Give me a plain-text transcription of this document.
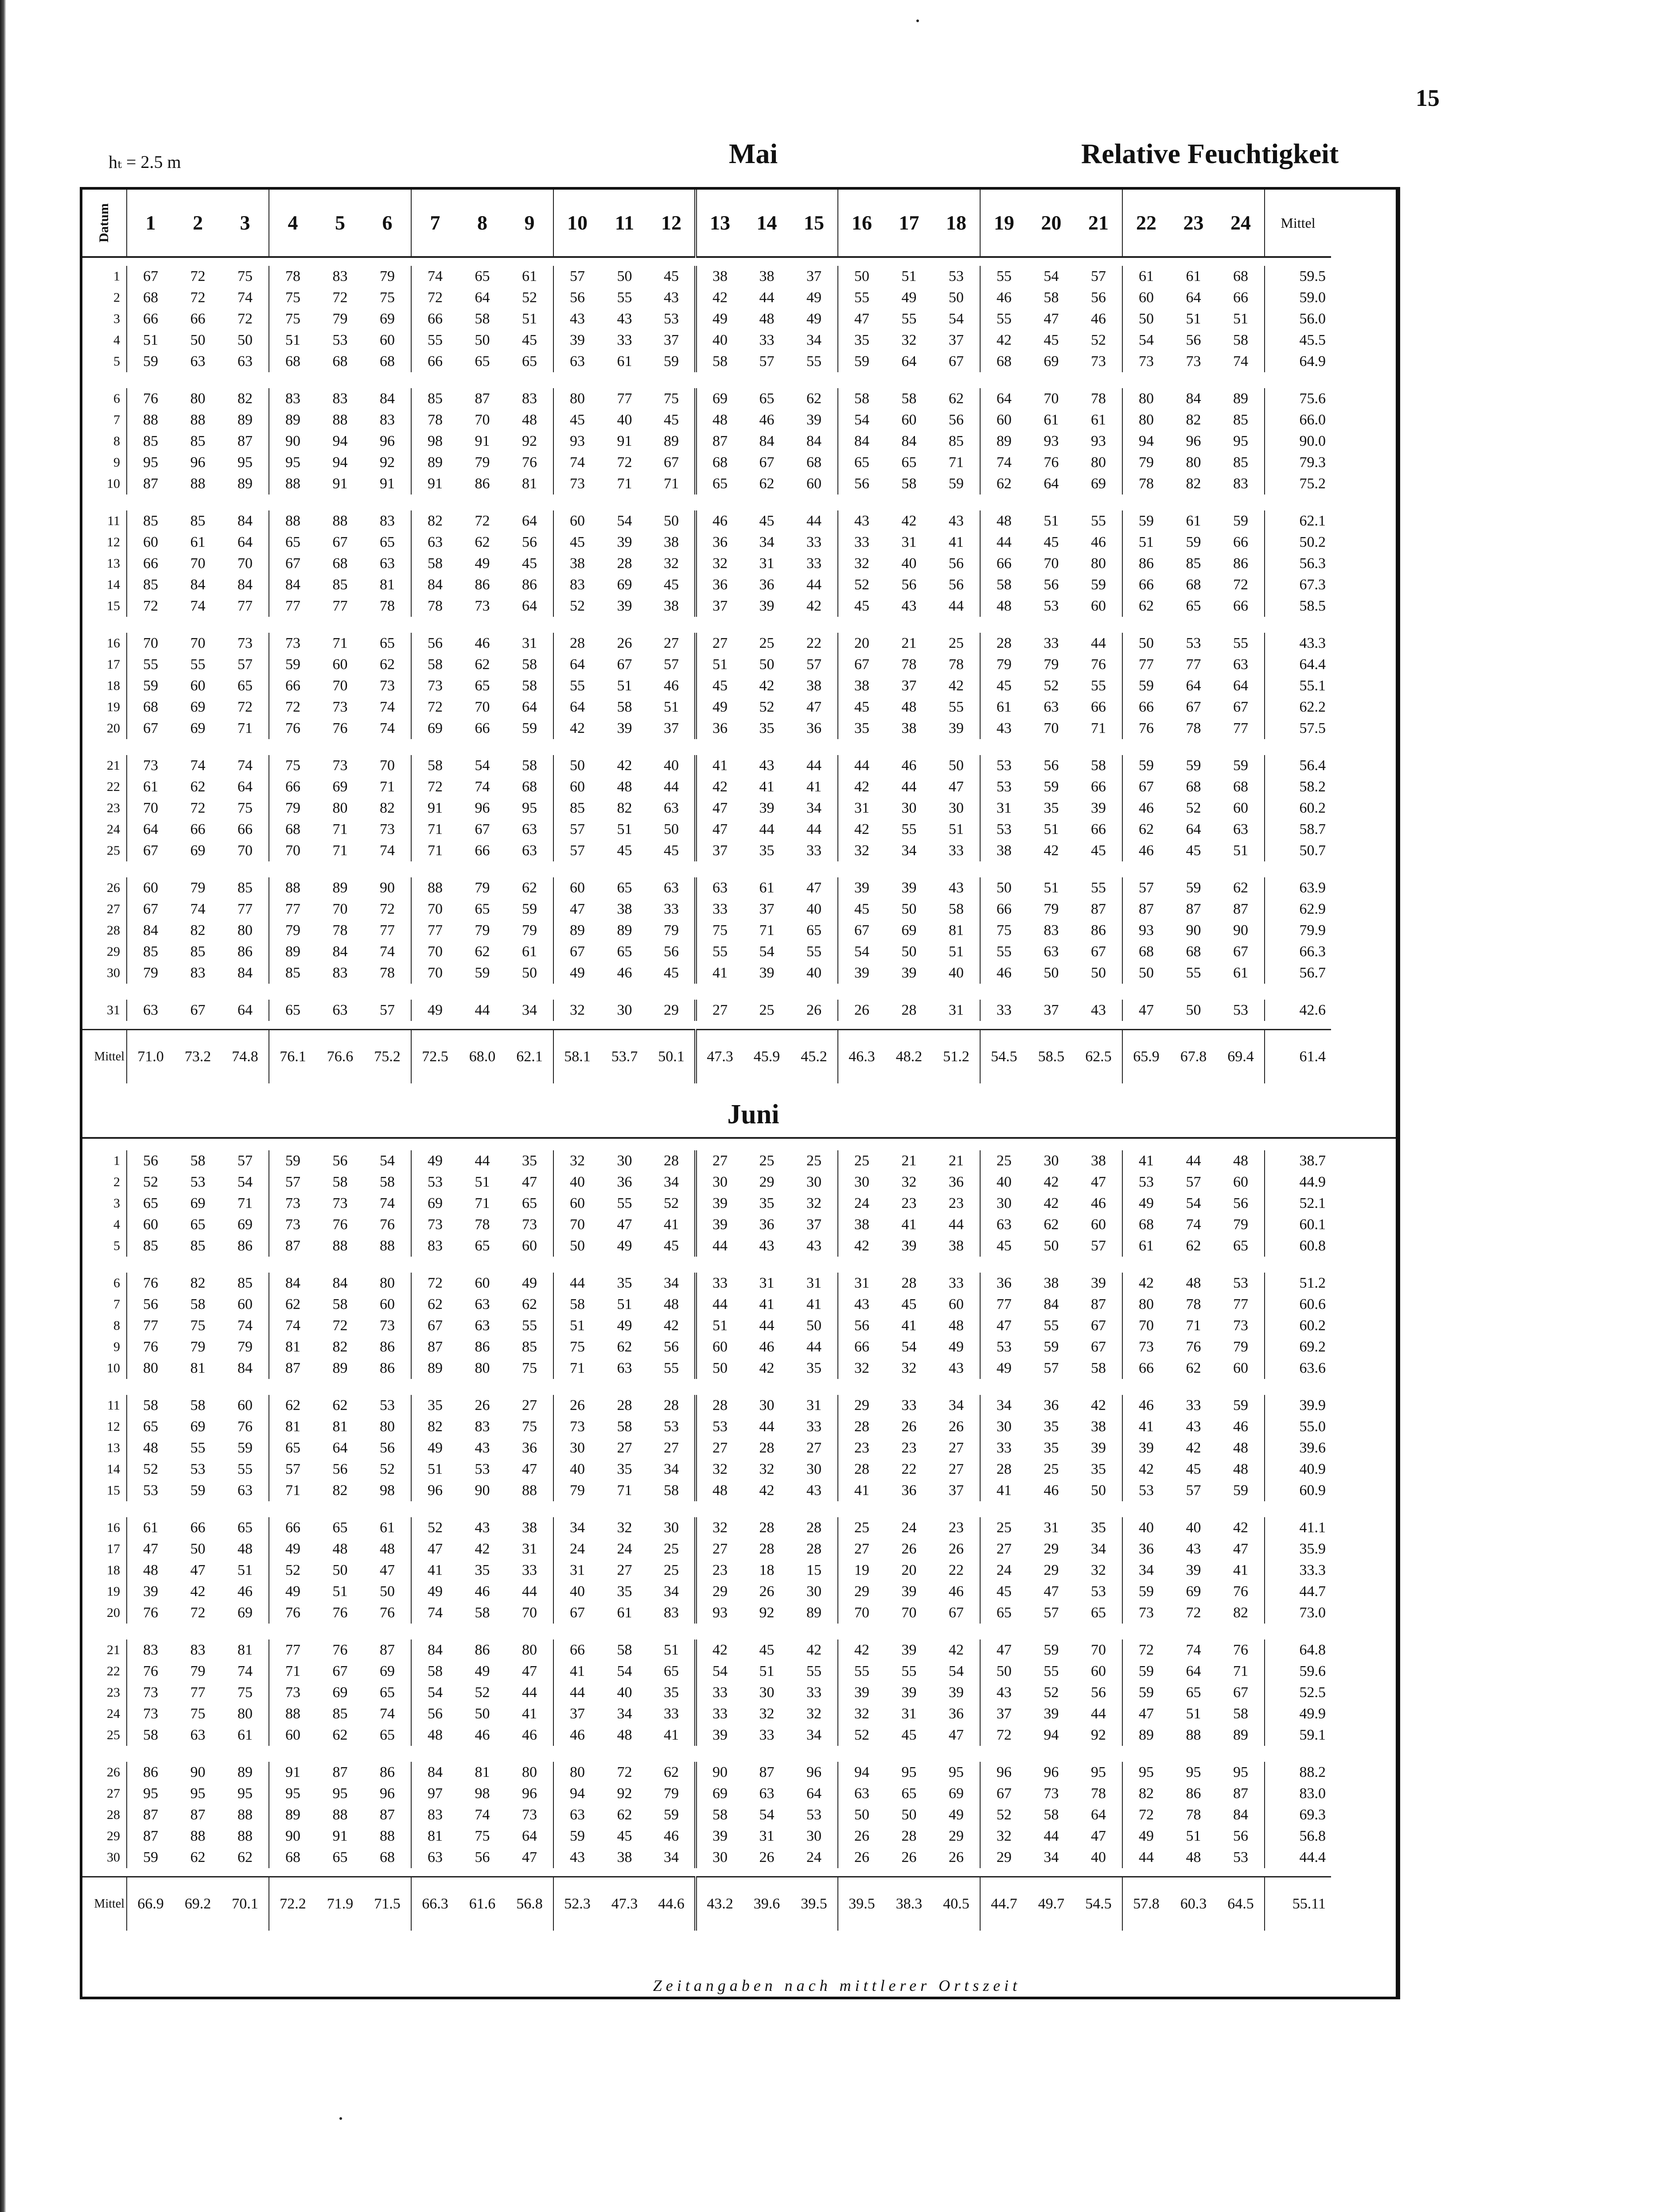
15
hₜ = 2.5 m	Mai	Relative Feuchtigkeit
Datum	1	2	3	4	5	6	7	8	9	10	11	12	13	14	15	16	17	18	19	20	21	22	23	24	Mittel

1	67	72	75	78	83	79	74	65	61	57	50	45	38	38	37	50	51	53	55	54	57	61	61	68	59.5
2	68	72	74	75	72	75	72	64	52	56	55	43	42	44	49	55	49	50	46	58	56	60	64	66	59.0
3	66	66	72	75	79	69	66	58	51	43	43	53	49	48	49	47	55	54	55	47	46	50	51	51	56.0
4	51	50	50	51	53	60	55	50	45	39	33	37	40	33	34	35	32	37	42	45	52	54	56	58	45.5
5	59	63	63	68	68	68	66	65	65	63	61	59	58	57	55	59	64	67	68	69	73	73	73	74	64.9

6	76	80	82	83	83	84	85	87	83	80	77	75	69	65	62	58	58	62	64	70	78	80	84	89	75.6
7	88	88	89	89	88	83	78	70	48	45	40	45	48	46	39	54	60	56	60	61	61	80	82	85	66.0
8	85	85	87	90	94	96	98	91	92	93	91	89	87	84	84	84	84	85	89	93	93	94	96	95	90.0
9	95	96	95	95	94	92	89	79	76	74	72	67	68	67	68	65	65	71	74	76	80	79	80	85	79.3
10	87	88	89	88	91	91	91	86	81	73	71	71	65	62	60	56	58	59	62	64	69	78	82	83	75.2

11	85	85	84	88	88	83	82	72	64	60	54	50	46	45	44	43	42	43	48	51	55	59	61	59	62.1
12	60	61	64	65	67	65	63	62	56	45	39	38	36	34	33	33	31	41	44	45	46	51	59	66	50.2
13	66	70	70	67	68	63	58	49	45	38	28	32	32	31	33	32	40	56	66	70	80	86	85	86	56.3
14	85	84	84	84	85	81	84	86	86	83	69	45	36	36	44	52	56	56	58	56	59	66	68	72	67.3
15	72	74	77	77	77	78	78	73	64	52	39	38	37	39	42	45	43	44	48	53	60	62	65	66	58.5

16	70	70	73	73	71	65	56	46	31	28	26	27	27	25	22	20	21	25	28	33	44	50	53	55	43.3
17	55	55	57	59	60	62	58	62	58	64	67	57	51	50	57	67	78	78	79	79	76	77	77	63	64.4
18	59	60	65	66	70	73	73	65	58	55	51	46	45	42	38	38	37	42	45	52	55	59	64	64	55.1
19	68	69	72	72	73	74	72	70	64	64	58	51	49	52	47	45	48	55	61	63	66	66	67	67	62.2
20	67	69	71	76	76	74	69	66	59	42	39	37	36	35	36	35	38	39	43	70	71	76	78	77	57.5

21	73	74	74	75	73	70	58	54	58	50	42	40	41	43	44	44	46	50	53	56	58	59	59	59	56.4
22	61	62	64	66	69	71	72	74	68	60	48	44	42	41	41	42	44	47	53	59	66	67	68	68	58.2
23	70	72	75	79	80	82	91	96	95	85	82	63	47	39	34	31	30	30	31	35	39	46	52	60	60.2
24	64	66	66	68	71	73	71	67	63	57	51	50	47	44	44	42	55	51	53	51	66	62	64	63	58.7
25	67	69	70	70	71	74	71	66	63	57	45	45	37	35	33	32	34	33	38	42	45	46	45	51	50.7

26	60	79	85	88	89	90	88	79	62	60	65	63	63	61	47	39	39	43	50	51	55	57	59	62	63.9
27	67	74	77	77	70	72	70	65	59	47	38	33	33	37	40	45	50	58	66	79	87	87	87	87	62.9
28	84	82	80	79	78	77	77	79	79	89	89	79	75	71	65	67	69	81	75	83	86	93	90	90	79.9
29	85	85	86	89	84	74	70	62	61	67	65	56	55	54	55	54	50	51	55	63	67	68	68	67	66.3
30	79	83	84	85	83	78	70	59	50	49	46	45	41	39	40	39	39	40	46	50	50	50	55	61	56.7

31	63	67	64	65	63	57	49	44	34	32	30	29	27	25	26	26	28	31	33	37	43	47	50	53	42.6

Mittel	71.0	73.2	74.8	76.1	76.6	75.2	72.5	68.0	62.1	58.1	53.7	50.1	47.3	45.9	45.2	46.3	48.2	51.2	54.5	58.5	62.5	65.9	67.8	69.4	61.4
Juni

1	56	58	57	59	56	54	49	44	35	32	30	28	27	25	25	25	21	21	25	30	38	41	44	48	38.7
2	52	53	54	57	58	58	53	51	47	40	36	34	30	29	30	30	32	36	40	42	47	53	57	60	44.9
3	65	69	71	73	73	74	69	71	65	60	55	52	39	35	32	24	23	23	30	42	46	49	54	56	52.1
4	60	65	69	73	76	76	73	78	73	70	47	41	39	36	37	38	41	44	63	62	60	68	74	79	60.1
5	85	85	86	87	88	88	83	65	60	50	49	45	44	43	43	42	39	38	45	50	57	61	62	65	60.8

6	76	82	85	84	84	80	72	60	49	44	35	34	33	31	31	31	28	33	36	38	39	42	48	53	51.2
7	56	58	60	62	58	60	62	63	62	58	51	48	44	41	41	43	45	60	77	84	87	80	78	77	60.6
8	77	75	74	74	72	73	67	63	55	51	49	42	51	44	50	56	41	48	47	55	67	70	71	73	60.2
9	76	79	79	81	82	86	87	86	85	75	62	56	60	46	44	66	54	49	53	59	67	73	76	79	69.2
10	80	81	84	87	89	86	89	80	75	71	63	55	50	42	35	32	32	43	49	57	58	66	62	60	63.6

11	58	58	60	62	62	53	35	26	27	26	28	28	28	30	31	29	33	34	34	36	42	46	33	59	39.9
12	65	69	76	81	81	80	82	83	75	73	58	53	53	44	33	28	26	26	30	35	38	41	43	46	55.0
13	48	55	59	65	64	56	49	43	36	30	27	27	27	28	27	23	23	27	33	35	39	39	42	48	39.6
14	52	53	55	57	56	52	51	53	47	40	35	34	32	32	30	28	22	27	28	25	35	42	45	48	40.9
15	53	59	63	71	82	98	96	90	88	79	71	58	48	42	43	41	36	37	41	46	50	53	57	59	60.9

16	61	66	65	66	65	61	52	43	38	34	32	30	32	28	28	25	24	23	25	31	35	40	40	42	41.1
17	47	50	48	49	48	48	47	42	31	24	24	25	27	28	28	27	26	26	27	29	34	36	43	47	35.9
18	48	47	51	52	50	47	41	35	33	31	27	25	23	18	15	19	20	22	24	29	32	34	39	41	33.3
19	39	42	46	49	51	50	49	46	44	40	35	34	29	26	30	29	39	46	45	47	53	59	69	76	44.7
20	76	72	69	76	76	76	74	58	70	67	61	83	93	92	89	70	70	67	65	57	65	73	72	82	73.0

21	83	83	81	77	76	87	84	86	80	66	58	51	42	45	42	42	39	42	47	59	70	72	74	76	64.8
22	76	79	74	71	67	69	58	49	47	41	54	65	54	51	55	55	55	54	50	55	60	59	64	71	59.6
23	73	77	75	73	69	65	54	52	44	44	40	35	33	30	33	39	39	39	43	52	56	59	65	67	52.5
24	73	75	80	88	85	74	56	50	41	37	34	33	33	32	32	32	31	36	37	39	44	47	51	58	49.9
25	58	63	61	60	62	65	48	46	46	46	48	41	39	33	34	52	45	47	72	94	92	89	88	89	59.1

26	86	90	89	91	87	86	84	81	80	80	72	62	90	87	96	94	95	95	96	96	95	95	95	95	88.2
27	95	95	95	95	95	96	97	98	96	94	92	79	69	63	64	63	65	69	67	73	78	82	86	87	83.0
28	87	87	88	89	88	87	83	74	73	63	62	59	58	54	53	50	50	49	52	58	64	72	78	84	69.3
29	87	88	88	90	91	88	81	75	64	59	45	46	39	31	30	26	28	29	32	44	47	49	51	56	56.8
30	59	62	62	68	65	68	63	56	47	43	38	34	30	26	24	26	26	26	29	34	40	44	48	53	44.4

Mittel	66.9	69.2	70.1	72.2	71.9	71.5	66.3	61.6	56.8	52.3	47.3	44.6	43.2	39.6	39.5	39.5	38.3	40.5	44.7	49.7	54.5	57.8	60.3	64.5	55.11
Zeitangaben nach mittlerer Ortszeit
